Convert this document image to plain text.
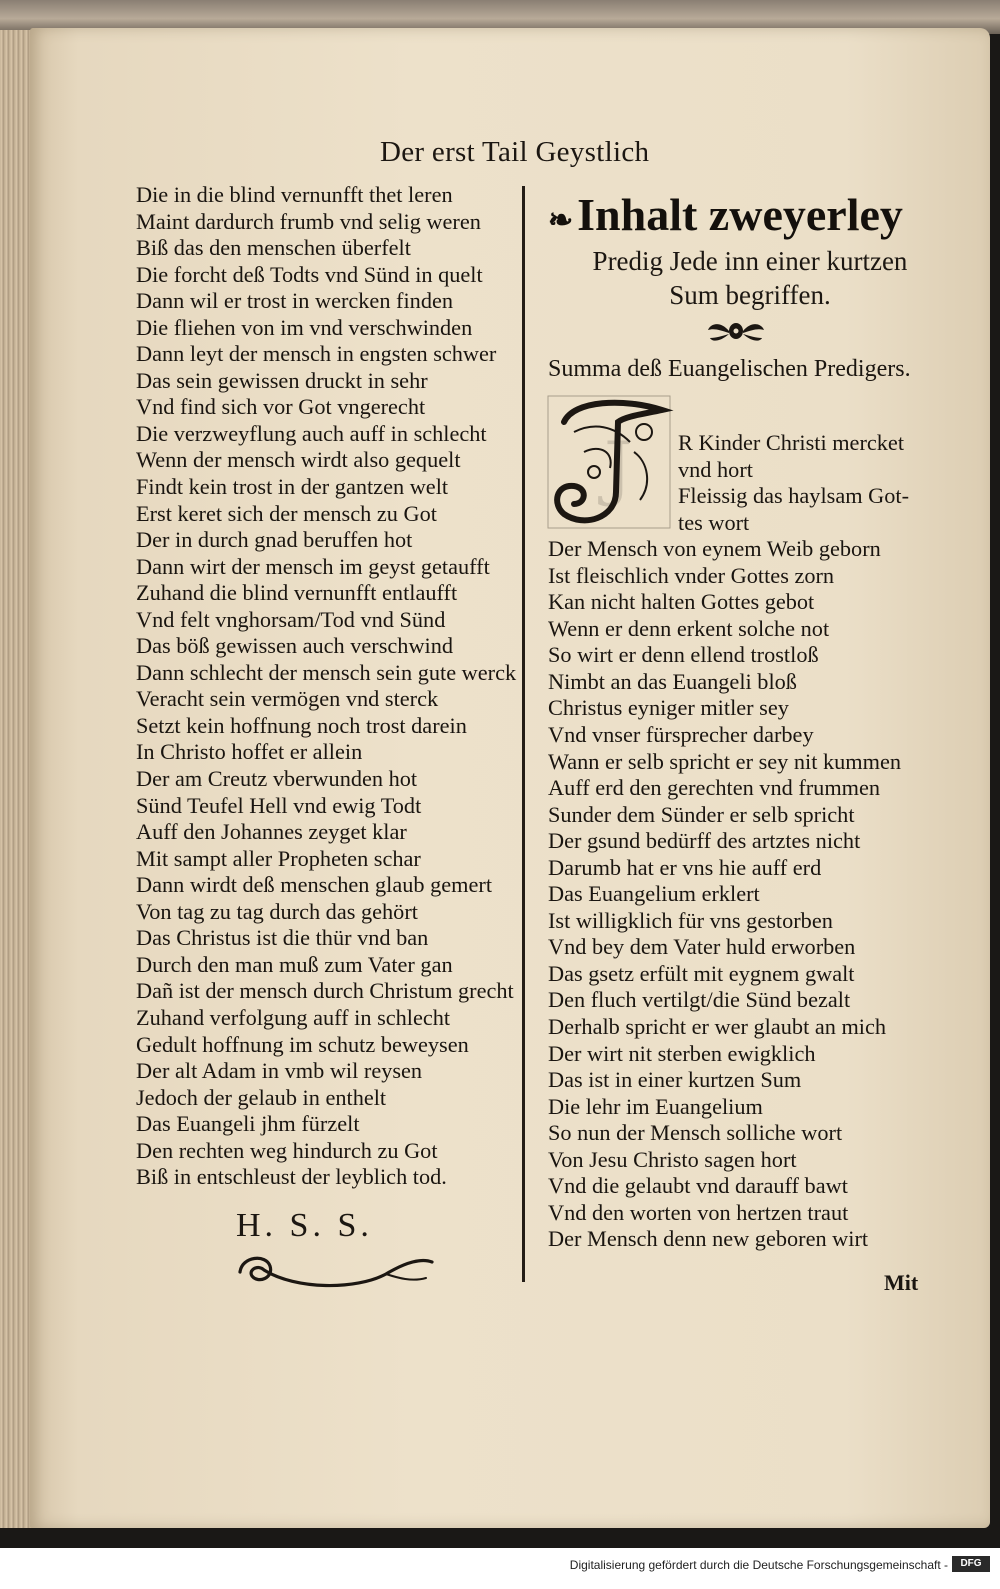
Der erst Tail Geystlich
Die in die blind vernunfft thet leren
Maint dardurch frumb vnd selig weren
Biß das den menschen überfelt
Die forcht deß Todts vnd Sünd in quelt
Dann wil er trost in wercken finden
Die fliehen von im vnd verschwinden
Dann leyt der mensch in engsten schwer
Das sein gewissen druckt in sehr
Vnd find sich vor Got vngerecht
Die verzweyflung auch auff in schlecht
Wenn der mensch wirdt also gequelt
Findt kein trost in der gantzen welt
Erst keret sich der mensch zu Got
Der in durch gnad beruffen hot
Dann wirt der mensch im geyst getaufft
Zuhand die blind vernunfft entlaufft
Vnd felt vnghorsam/Tod vnd Sünd
Das böß gewissen auch verschwind
Dann schlecht der mensch sein gute werck
Veracht sein vermögen vnd sterck
Setzt kein hoffnung noch trost darein
In Christo hoffet er allein
Der am Creutz vberwunden hot
Sünd Teufel Hell vnd ewig Todt
Auff den Johannes zeyget klar
Mit sampt aller Propheten schar
Dann wirdt deß menschen glaub gemert
Von tag zu tag durch das gehört
Das Christus ist die thür vnd ban
Durch den man muß zum Vater gan
Dañ ist der mensch durch Christum grecht
Zuhand verfolgung auff in schlecht
Gedult hoffnung im schutz beweysen
Der alt Adam in vmb wil reysen
Jedoch der gelaub in enthelt
Das Euangeli jhm fürzelt
Den rechten weg hindurch zu Got
Biß in entschleust der leyblich tod.
H. S. S.
❧Inhalt zweyerley
Predig Jede inn einer kurtzen
Sum begriffen.
Summa deß Euangelischen Predigers.
J	R Kinder Christi mercket
vnd hort
Fleissig das haylsam Got-
tes wort
Der Mensch von eynem Weib geborn
Ist fleischlich vnder Gottes zorn
Kan nicht halten Gottes gebot
Wenn er denn erkent solche not
So wirt er denn ellend trostloß
Nimbt an das Euangeli bloß
Christus eyniger mitler sey
Vnd vnser fürsprecher darbey
Wann er selb spricht er sey nit kummen
Auff erd den gerechten vnd frummen
Sunder dem Sünder er selb spricht
Der gsund bedürff des artztes nicht
Darumb hat er vns hie auff erd
Das Euangelium erklert
Ist willigklich für vns gestorben
Vnd bey dem Vater huld erworben
Das gsetz erfült mit eygnem gwalt
Den fluch vertilgt/die Sünd bezalt
Derhalb spricht er wer glaubt an mich
Der wirt nit sterben ewigklich
Das ist in einer kurtzen Sum
Die lehr im Euangelium
So nun der Mensch solliche wort
Von Jesu Christo sagen hort
Vnd die gelaubt vnd darauff bawt
Vnd den worten von hertzen traut
Der Mensch denn new geboren wirt
Mit
Digitalisierung gefördert durch die Deutsche Forschungsgemeinschaft -	DFG
